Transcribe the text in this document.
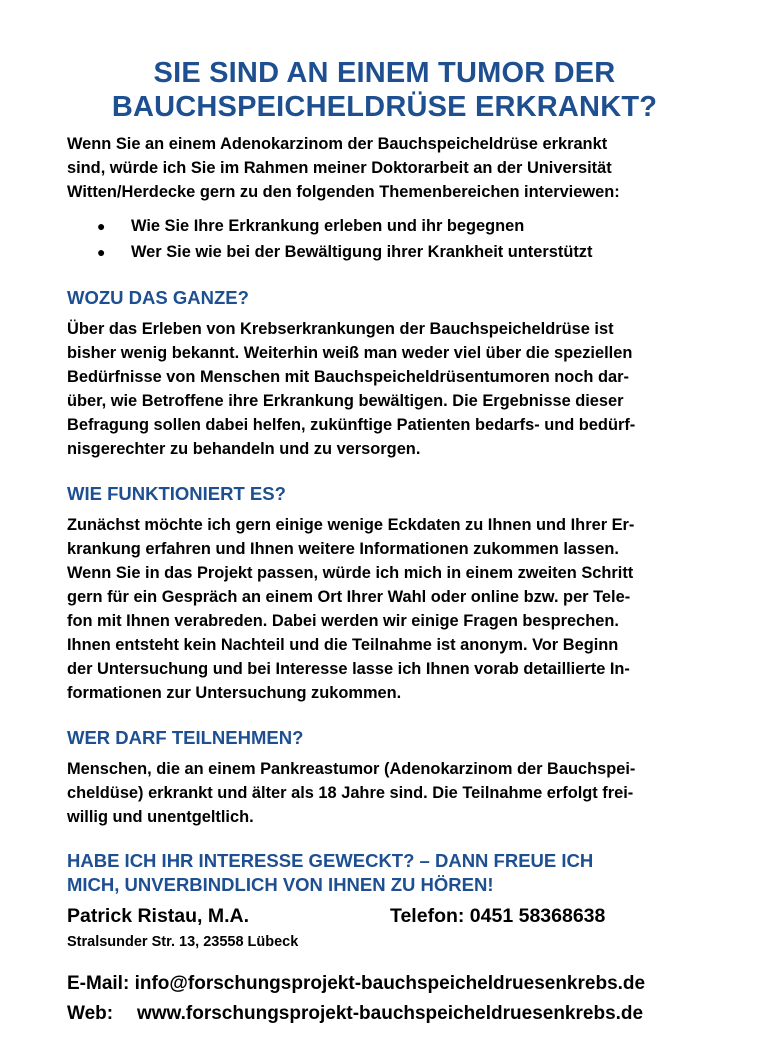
SIE SIND AN EINEM TUMOR DER
BAUCHSPEICHELDRÜSE ERKRANKT?

Wenn Sie an einem Adenokarzinom der Bauchspeicheldrüse erkrankt
sind, würde ich Sie im Rahmen meiner Doktorarbeit an der Universität
Witten/Herdecke gern zu den folgenden Themenbereichen interviewen:

● Wie Sie Ihre Erkrankung erleben und ihr begegnen
● Wer Sie wie bei der Bewältigung ihrer Krankheit unterstützt
WOZU DAS GANZE?

Über das Erleben von Krebserkrankungen der Bauchspeicheldrüse ist
bisher wenig bekannt. Weiterhin weiß man weder viel über die speziellen
Bedürfnisse von Menschen mit Bauchspeicheldrüsentumoren noch dar-
über, wie Betroffene ihre Erkrankung bewältigen. Die Ergebnisse dieser
Befragung sollen dabei helfen, zukünftige Patienten bedarfs- und bedürf-
nisgerechter zu behandeln und zu versorgen.

WIE FUNKTIONIERT ES?

Zunächst möchte ich gern einige wenige Eckdaten zu Ihnen und Ihrer Er-
krankung erfahren und Ihnen weitere Informationen zukommen lassen.
Wenn Sie in das Projekt passen, würde ich mich in einem zweiten Schritt
gern für ein Gespräch an einem Ort Ihrer Wahl oder online bzw. per Tele-
fon mit Ihnen verabreden. Dabei werden wir einige Fragen besprechen.
Ihnen entsteht kein Nachteil und die Teilnahme ist anonym. Vor Beginn
der Untersuchung und bei Interesse lasse ich Ihnen vorab detaillierte In-
formationen zur Untersuchung zukommen.

WER DARF TEILNEHMEN?

Menschen, die an einem Pankreastumor (Adenokarzinom der Bauchspei-
cheldüse) erkrankt und älter als 18 Jahre sind. Die Teilnahme erfolgt frei-
willig und unentgeltlich.

HABE ICH IHR INTERESSE GEWECKT? – DANN FREUE ICH
MICH, UNVERBINDLICH VON IHNEN ZU HÖREN!
Patrick Ristau, M.A.	Telefon: 0451 58368638
Stralsunder Str. 13, 23558 Lübeck
E-Mail:
info@forschungsprojekt-bauchspeicheldruesenkrebs.de
Web:	www.forschungsprojekt-bauchspeicheldruesenkrebs.de
